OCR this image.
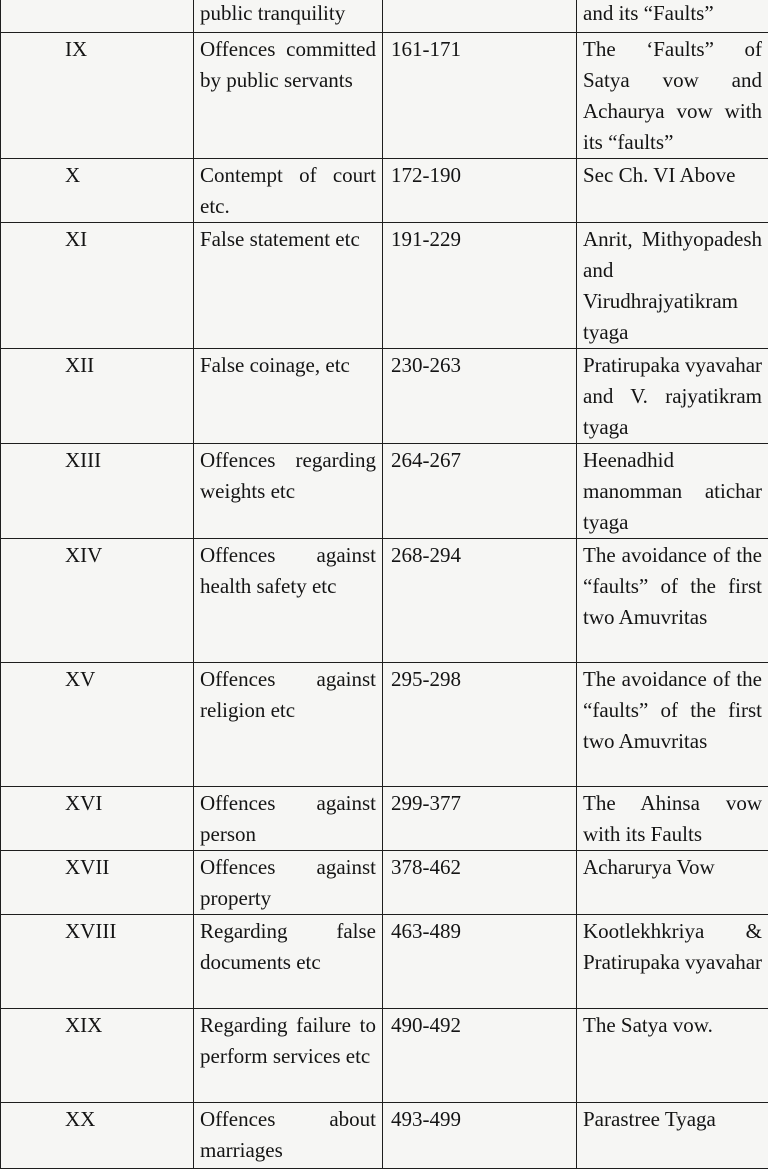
	public tranquility		and its “Faults”
IX	Offences committed by public servants	161-171	The ‘Faults” of Satya vow and Achaurya vow with its “faults”
X	Contempt of court etc.	172-190	Sec Ch. VI Above
XI	False statement etc	191-229	Anrit, Mithyopadesh and Virudhrajyatikram tyaga
XII	False coinage, etc	230-263	Pratirupaka vyavahar and V. rajyatikram tyaga
XIII	Offences regarding weights etc	264-267	Heenadhid manomman atichar tyaga
XIV	Offences against health safety etc	268-294	The avoidance of the “faults” of the first two Amuvritas
XV	Offences against religion etc	295-298	The avoidance of the “faults” of the first two Amuvritas
XVI	Offences against person	299-377	The Ahinsa vow with its Faults
XVII	Offences against property	378-462	Acharurya Vow
XVIII	Regarding false documents etc	463-489	Kootlekhkriya & Pratirupaka vyavahar
XIX	Regarding failure to perform services etc	490-492	The Satya vow.
XX	Offences about marriages	493-499	Parastree Tyaga
